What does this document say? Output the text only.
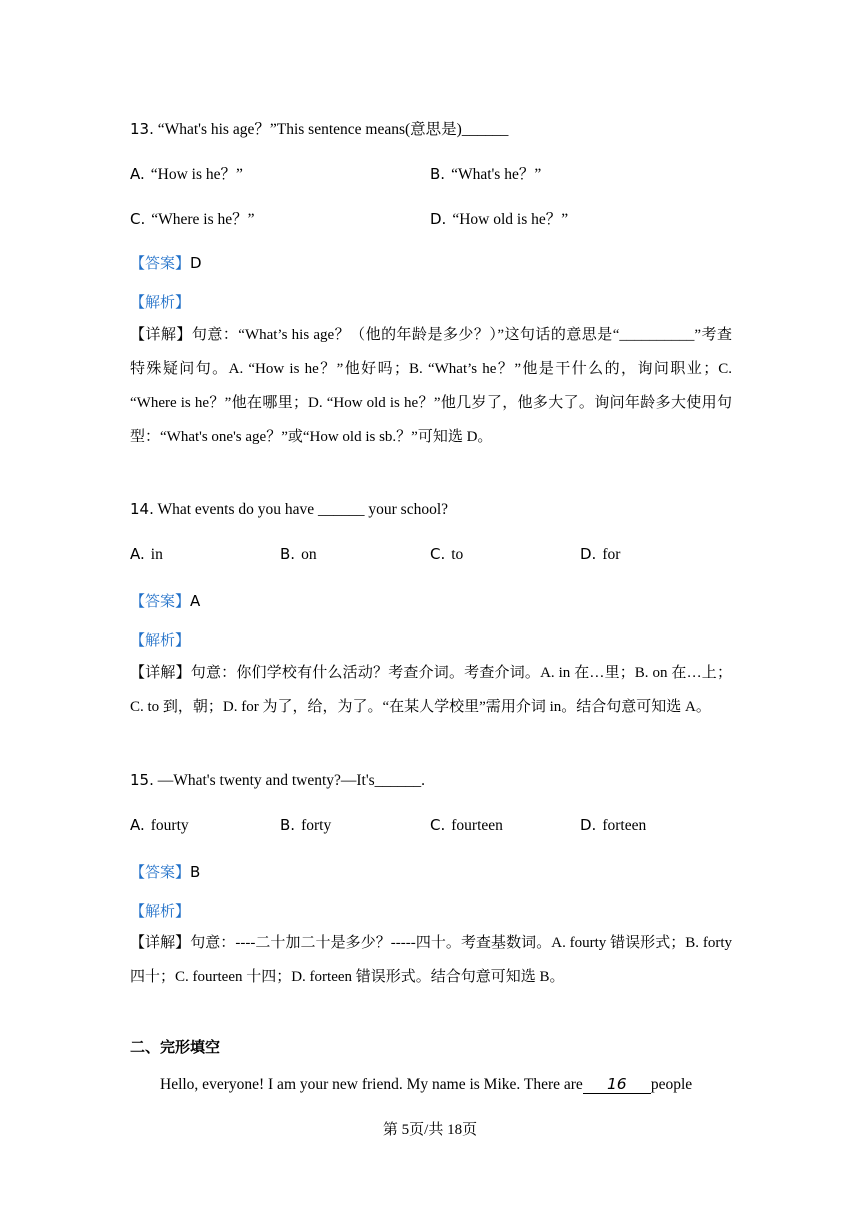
13. “What's his age？”This sentence means(意思是)______
A. “How is he？”	B. “What's he？”
C. “Where is he？”	D. “How old is he？”
【答案】D
【解析】
【详解】句意：“What’s his age？（他的年龄是多少？）”这句话的意思是“__________”考查特殊疑问句。A. “How is he？”他好吗；B. “What’s he？”他是干什么的，询问职业；C. “Where is he？”他在哪里；D. “How old is he？”他几岁了，他多大了。询问年龄多大使用句型：“What's one's age？”或“How old is sb.？”可知选 D。
14. What events do you have ______ your school?
A. in	B. on	C. to	D. for
【答案】A
【解析】
【详解】句意：你们学校有什么活动？考查介词。考查介词。A. in 在…里；B. on 在…上；C. to 到，朝；D. for 为了，给，为了。“在某人学校里”需用介词 in。结合句意可知选 A。
15. —What's twenty and twenty?—It's______.
A. fourty	B. forty	C. fourteen	D. forteen
【答案】B
【解析】
【详解】句意：----二十加二十是多少？-----四十。考查基数词。A. fourty 错误形式；B. forty 四十；C. fourteen 十四；D. forteen 错误形式。结合句意可知选 B。
二、完形填空
Hello, everyone! I am your new friend. My name is Mike. There are 16 people
第 5页/共 18页
